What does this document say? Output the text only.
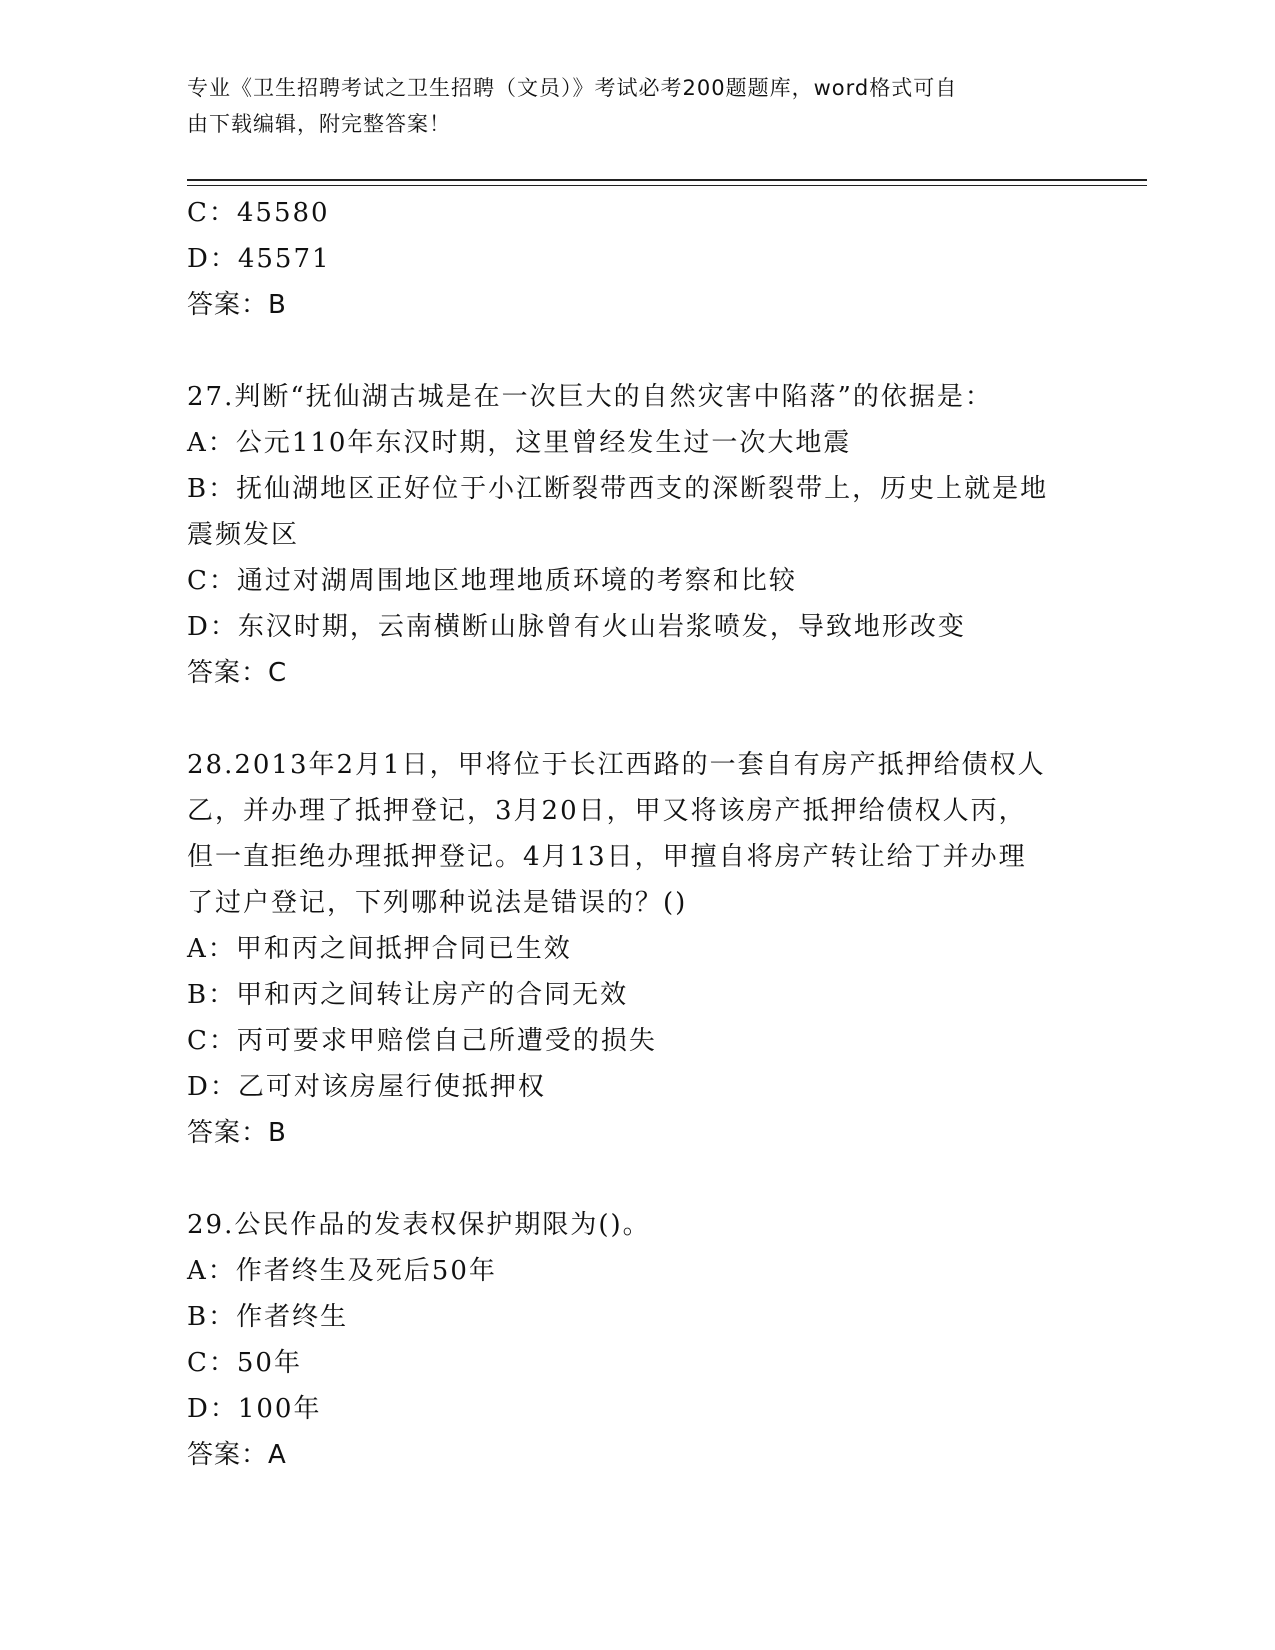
专业《卫生招聘考试之卫生招聘（文员）》考试必考200题题库，word格式可自
由下载编辑，附完整答案！
C：45580
D：45571
答案：B
27.判断“抚仙湖古城是在一次巨大的自然灾害中陷落”的依据是：
A：公元110年东汉时期，这里曾经发生过一次大地震
B：抚仙湖地区正好位于小江断裂带西支的深断裂带上，历史上就是地
震频发区
C：通过对湖周围地区地理地质环境的考察和比较
D：东汉时期，云南横断山脉曾有火山岩浆喷发，导致地形改变
答案：C
28.2013年2月1日，甲将位于长江西路的一套自有房产抵押给债权人
乙，并办理了抵押登记，3月20日，甲又将该房产抵押给债权人丙，
但一直拒绝办理抵押登记。4月13日，甲擅自将房产转让给丁并办理
了过户登记，下列哪种说法是错误的？()
A：甲和丙之间抵押合同已生效
B：甲和丙之间转让房产的合同无效
C：丙可要求甲赔偿自己所遭受的损失
D：乙可对该房屋行使抵押权
答案：B
29.公民作品的发表权保护期限为()。
A：作者终生及死后50年
B：作者终生
C：50年
D：100年
答案：A
